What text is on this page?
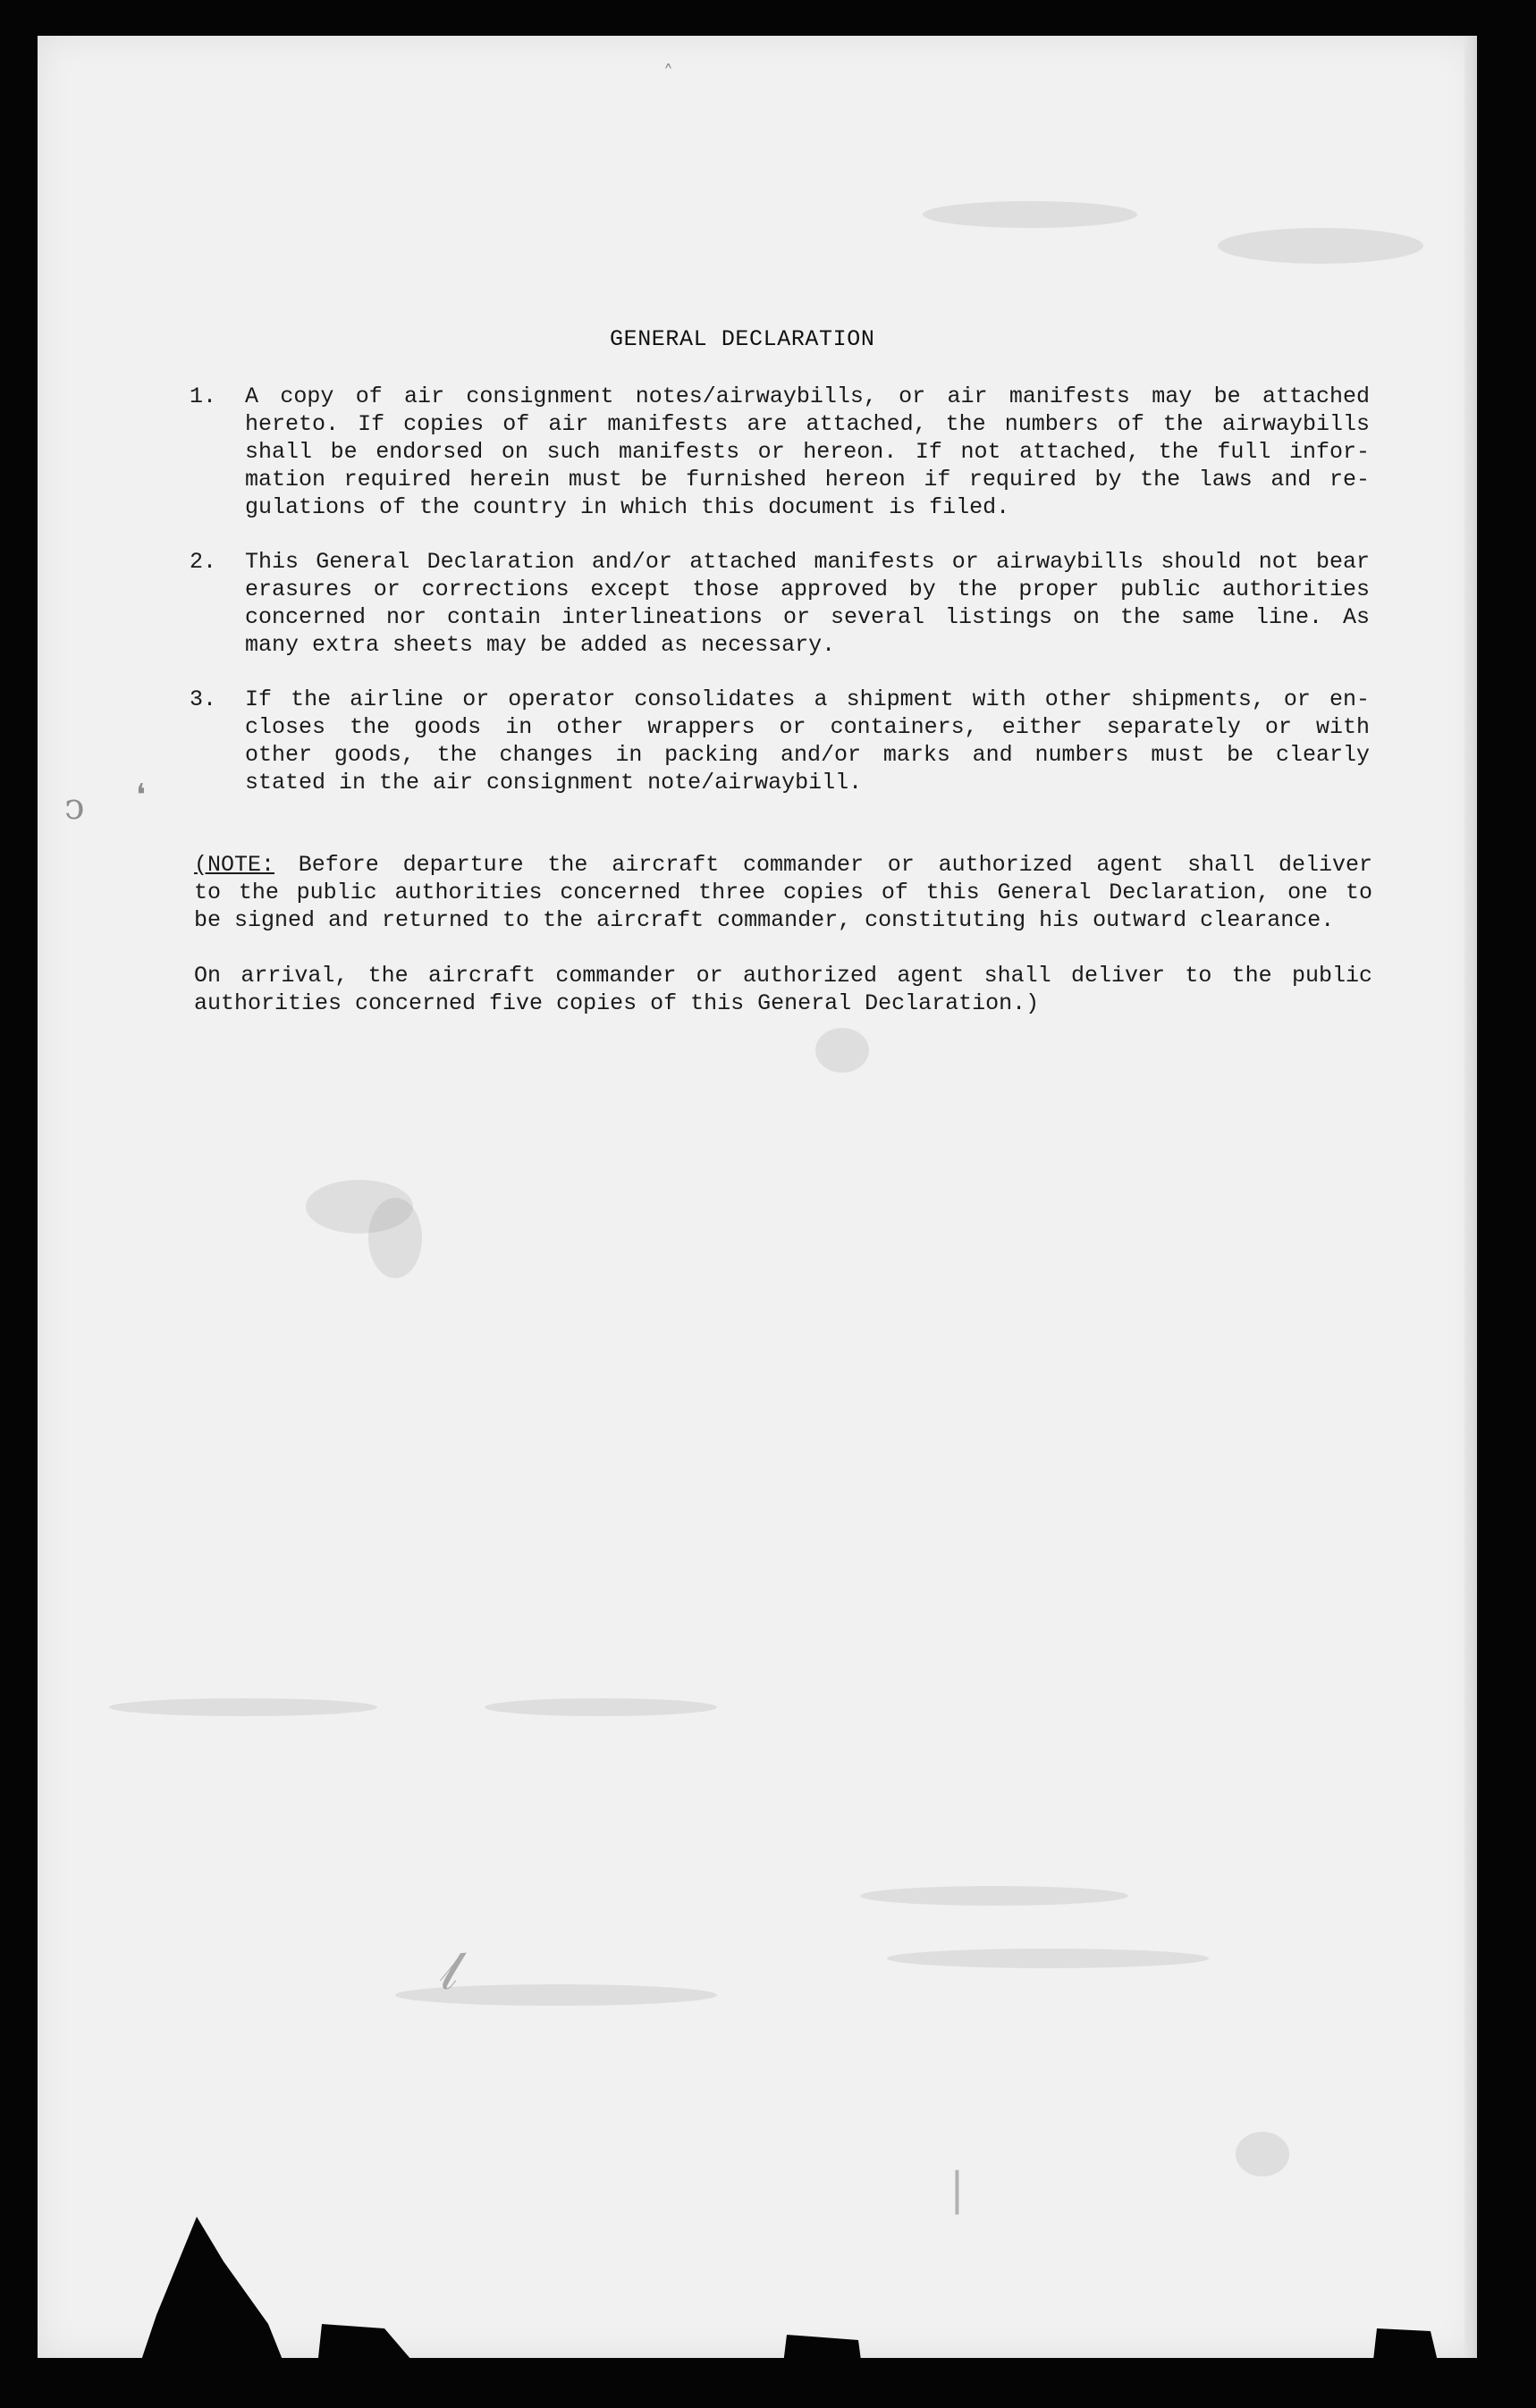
˄
ↄ ❛
𝓁
|
GENERAL DECLARATION
1. A copy of air consignment notes/airwaybills, or air manifests may be attached
hereto. If copies of air manifests are attached, the numbers of the airwaybills
shall be endorsed on such manifests or hereon. If not attached, the full infor-
mation required herein must be furnished hereon if required by the laws and re-
gulations of the country in which this document is filed.
2. This General Declaration and/or attached manifests or airwaybills should not bear
erasures or corrections except those approved by the proper public authorities
concerned nor contain interlineations or several listings on the same line. As
many extra sheets may be added as necessary.
3. If the airline or operator consolidates a shipment with other shipments, or en-
closes the goods in other wrappers or containers, either separately or with
other goods, the changes in packing and/or marks and numbers must be clearly
stated in the air consignment note/airwaybill.
(NOTE: Before departure the aircraft commander or authorized agent shall deliver
to the public authorities concerned three copies of this General Declaration, one to
be signed and returned to the aircraft commander, constituting his outward clearance.
On arrival, the aircraft commander or authorized agent shall deliver to the public
authorities concerned five copies of this General Declaration.)
